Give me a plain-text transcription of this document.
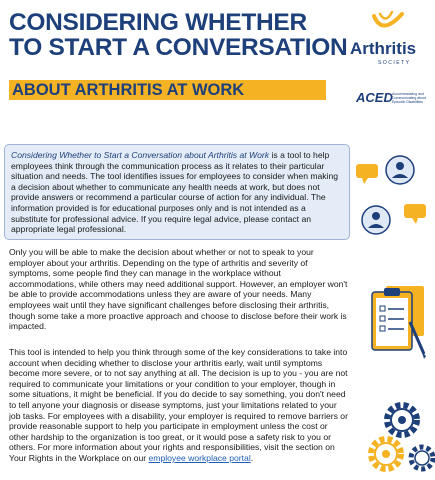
CONSIDERING WHETHER
TO START A CONVERSATION
ABOUT ARTHRITIS AT WORK
Arthritis
SOCIETY
ACED Accommodating and Communicating about Episodic Disabilities

Considering Whether to Start a Conversation about Arthritis at Work is a tool to help employees think through the communication process as it relates to their particular situation and needs. The tool identifies issues for employees to consider when making a decision about whether to communicate any health needs at work, but does not provide answers or recommend a particular course of action for any individual. The information provided is for educational purposes only and is not intended as a substitute for professional advice. If you require legal advice, please contact an appropriate legal professional.

Only you will be able to make the decision about whether or not to speak to your employer about your arthritis. Depending on the type of arthritis and severity of symptoms, some people find they can manage in the workplace without accommodations, while others may need additional support. However, an employer won't be able to provide accommodations unless they are aware of your needs. Many employees wait until they have significant challenges before disclosing their arthritis, though some take a more proactive approach and choose to disclose before their work is impacted.

This tool is intended to help you think through some of the key considerations to take into account when deciding whether to disclose your arthritis early, wait until symptoms become more severe, or to not say anything at all. The decision is up to you - you are not required to communicate your limitations or your condition to your employer, though in some situations, it might be beneficial. If you do decide to say something, you don't need to tell anyone your diagnosis or disease symptoms, just your limitations related to your job tasks. For employees with a disability, your employer is required to remove barriers or provide reasonable support to help you participate in employment unless the cost or other hardship to the organization is too great, or it would pose a safety risk to you or others. For more information about your rights and responsibilities, visit the section on Your Rights in the Workplace on our employee workplace portal.
